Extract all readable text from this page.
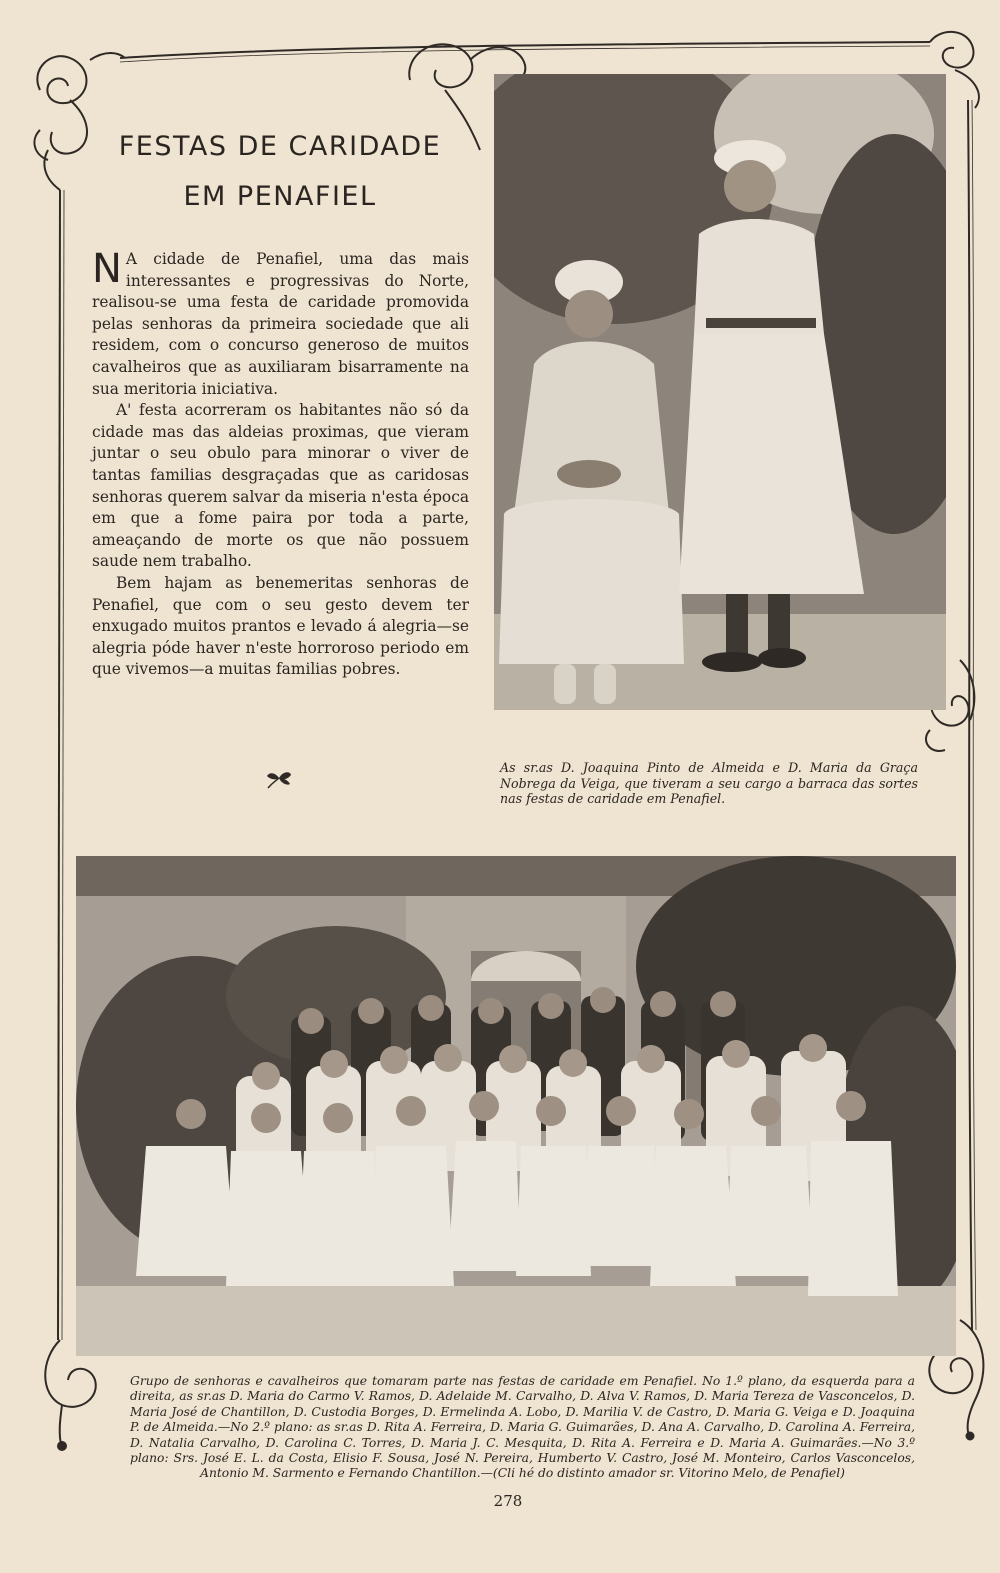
FESTAS DE CARIDADE
EM PENAFIEL

N A cidade de Penafiel, uma das mais interessantes e progressivas do Norte, realisou-se uma festa de caridade promovida pelas senhoras da primeira sociedade que ali residem, com o concurso generoso de muitos cavalheiros que as auxiliaram bisarramente na sua meritoria iniciativa.

A' festa acorreram os habitantes não só da cidade mas das aldeias proximas, que vieram juntar o seu obulo para minorar o viver de tantas familias desgraçadas que as caridosas senhoras querem salvar da miseria n'esta época em que a fome paira por toda a parte, ameaçando de morte os que não possuem saude nem trabalho.

Bem hajam as benemeritas senhoras de Penafiel, que com o seu gesto devem ter enxugado muitos prantos e levado á alegria—se alegria póde haver n'este horroroso periodo em que vivemos—a muitas familias pobres.

As sr.as D. Joaquina Pinto de Almeida e D. Maria da Graça Nobrega da Veiga, que tiveram a seu cargo a barraca das sortes nas festas de caridade em Penafiel.
Grupo de senhoras e cavalheiros que tomaram parte nas festas de caridade em Penafiel. No 1.º plano, da esquerda para a direita, as sr.as D. Maria do Carmo V. Ramos, D. Adelaide M. Carvalho, D. Alva V. Ramos, D. Maria Tereza de Vasconcelos, D. Maria José de Chantillon, D. Custodia Borges, D. Ermelinda A. Lobo, D. Marilia V. de Castro, D. Maria G. Veiga e D. Joaquina P. de Almeida.—No 2.º plano: as sr.as D. Rita A. Ferreira, D. Maria G. Guimarães, D. Ana A. Carvalho, D. Carolina A. Ferreira, D. Natalia Carvalho, D. Carolina C. Torres, D. Maria J. C. Mesquita, D. Rita A. Ferreira e D. Maria A. Guimarães.—No 3.º plano: Srs. José E. L. da Costa, Elisio F. Sousa, José N. Pereira, Humberto V. Castro, José M. Monteiro, Carlos Vasconcelos, Antonio M. Sarmento e Fernando Chantillon.—(Cli hé do distinto amador sr. Vitorino Melo, de Penafiel)
278
